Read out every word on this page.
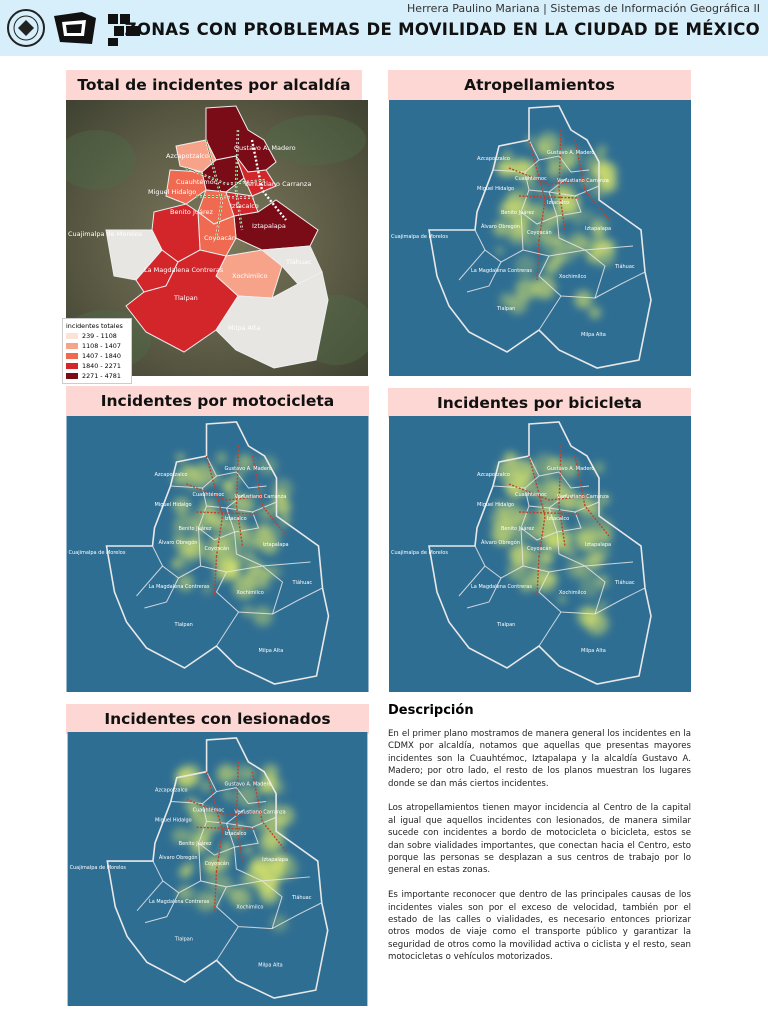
Herrera Paulino Mariana | Sistemas de Información Geográfica II
ZONAS CON PROBLEMAS DE MOVILIDAD EN LA CIUDAD DE MÉXICO
Total de incidentes por alcaldía	Atropellamientos
Incidentes por motocicleta	Incidentes por bicicleta
Incidentes con lesionados
Azcapotzalco
Gustavo A. Madero
Cuauhtémoc	Venustiano Carranza
Miguel Hidalgo
Benito Juárez
Iztacalco
Cuajimalpa de Morelos	Coyoacán
Iztapalapa
La Magdalena Contreras
Tláhuac
Xochimilco
Tlalpan
Milpa Alta
incidentes totales
239 - 1108
1108 - 1407
1407 - 1840
1840 - 2271
2271 - 4781
Azcapotzalco
Gustavo A. Madero
Venustiano Carranza
Miguel Hidalgo
Cuauhtémoc
Benito Juárez
Iztacalco
Cuajimalpa de Morelos
Álvaro Obregón
Coyoacán
Iztapalapa
La Magdalena Contreras
Tláhuac
Xochimilco
Tlalpan
Milpa Alta
Azcapotzalco
Gustavo A. Madero
Venustiano Carranza
Miguel Hidalgo
Cuauhtémoc
Benito Juárez
Iztacalco
Cuajimalpa de Morelos
Álvaro Obregón
Coyoacán
Iztapalapa
La Magdalena Contreras
Tláhuac
Xochimilco
Tlalpan
Milpa Alta
Azcapotzalco
Gustavo A. Madero
Venustiano Carranza
Miguel Hidalgo
Cuauhtémoc
Benito Juárez
Iztacalco
Cuajimalpa de Morelos
Álvaro Obregón
Coyoacán
Iztapalapa
La Magdalena Contreras
Tláhuac
Xochimilco
Tlalpan
Milpa Alta
Azcapotzalco
Gustavo A. Madero
Venustiano Carranza
Miguel Hidalgo
Cuauhtémoc
Benito Juárez
Iztacalco
Cuajimalpa de Morelos
Álvaro Obregón
Coyoacán
Iztapalapa
La Magdalena Contreras
Tláhuac
Xochimilco
Tlalpan
Milpa Alta
Descripción

En el primer plano mostramos de manera general los incidentes en la CDMX por alcaldía, notamos que aquellas que presentas mayores incidentes son la Cuauhtémoc, Iztapalapa y la alcaldía Gustavo A. Madero; por otro lado, el resto de los planos muestran los lugares donde se dan más ciertos incidentes.

Los atropellamientos tienen mayor incidencia al Centro de la capital al igual que aquellos incidentes con lesionados, de manera similar sucede con incidentes a bordo de motocicleta o bicicleta, estos se dan sobre vialidades importantes, que conectan hacia el Centro, esto porque las personas se desplazan a sus centros de trabajo por lo general en estas zonas.

Es importante reconocer que dentro de las principales causas de los incidentes viales son por el exceso de velocidad, también por el estado de las calles o vialidades, es necesario entonces priorizar otros modos de viaje como el transporte público y garantizar la seguridad de otros como la movilidad activa o ciclista y el resto, sean motocicletas o vehículos motorizados.
